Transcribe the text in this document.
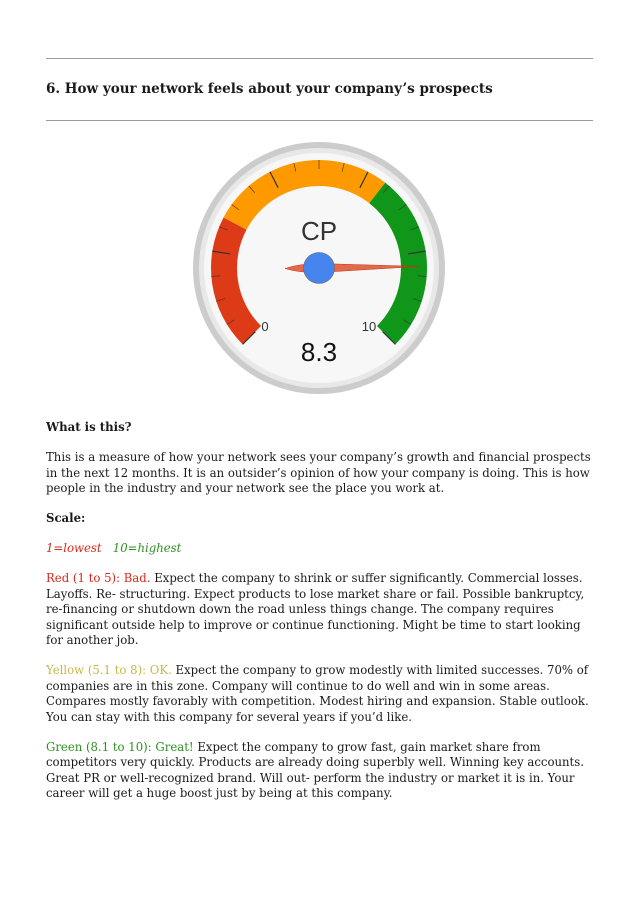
6. How your network feels about your company’s prospects
CP
0	10
8.3

What is this?

This is a measure of how your network sees your company’s growth and financial prospects in the next 12 months. It is an outsider’s opinion of how your company is doing. This is how people in the industry and your network see the place you work at.

Scale:

1=lowest 10=highest

Red (1 to 5): Bad. Expect the company to shrink or suffer significantly. Commercial losses. Layoffs. Re- structuring. Expect products to lose market share or fail. Possible bankruptcy, re-financing or shutdown down the road unless things change. The company requires significant outside help to improve or continue functioning. Might be time to start looking for another job.

Yellow (5.1 to 8): OK. Expect the company to grow modestly with limited successes. 70% of companies are in this zone. Company will continue to do well and win in some areas. Compares mostly favorably with competition. Modest hiring and expansion. Stable outlook. You can stay with this company for several years if you’d like.

Green (8.1 to 10): Great! Expect the company to grow fast, gain market share from competitors very quickly. Products are already doing superbly well. Winning key accounts. Great PR or well-recognized brand. Will out- perform the industry or market it is in. Your career will get a huge boost just by being at this company.
